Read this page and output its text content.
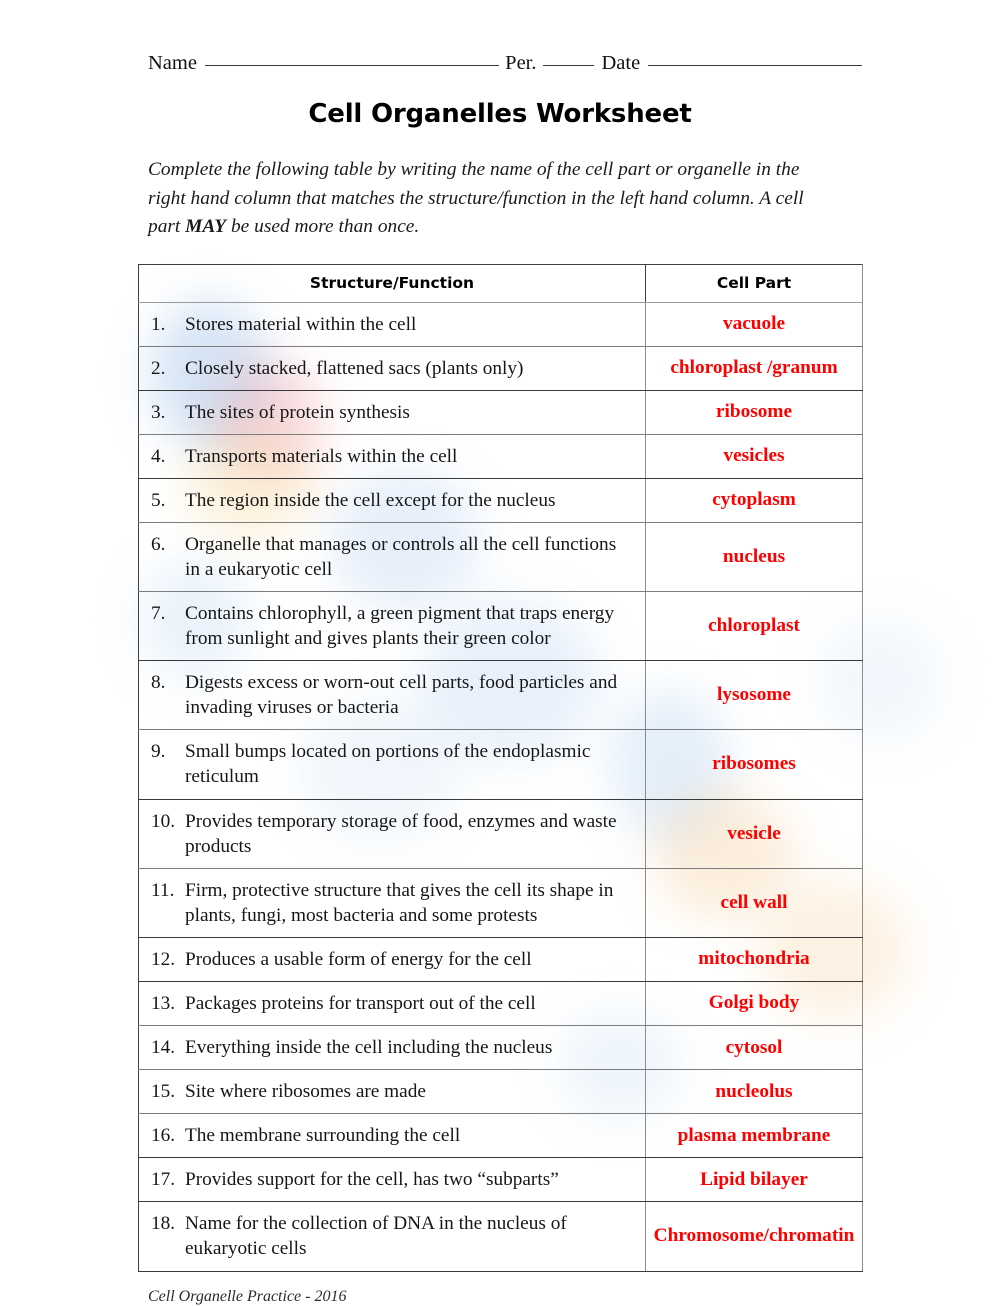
Name	Per.	Date
Cell Organelles Worksheet

Complete the following table by writing the name of the cell part or organelle in the right hand column that matches the structure/function in the left hand column. A cell part MAY be used more than once.

Structure/Function	Cell Part

1. Stores material within the cell	vacuole

2. Closely stacked, flattened sacs (plants only)	chloroplast /granum

3. The sites of protein synthesis	ribosome

4. Transports materials within the cell	vesicles

5. The region inside the cell except for the nucleus	cytoplasm

6. Organelle that manages or controls all the cell functions in a eukaryotic cell	nucleus

7. Contains chlorophyll, a green pigment that traps energy from sunlight and gives plants their green color	chloroplast

8. Digests excess or worn-out cell parts, food particles and invading viruses or bacteria	lysosome

9. Small bumps located on portions of the endoplasmic reticulum	ribosomes

10. Provides temporary storage of food, enzymes and waste products	vesicle

11. Firm, protective structure that gives the cell its shape in plants, fungi, most bacteria and some protests	cell wall

12. Produces a usable form of energy for the cell	mitochondria

13. Packages proteins for transport out of the cell	Golgi body

14. Everything inside the cell including the nucleus	cytosol

15. Site where ribosomes are made	nucleolus

16. The membrane surrounding the cell	plasma membrane

17. Provides support for the cell, has two “subparts”	Lipid bilayer

18. Name for the collection of DNA in the nucleus of eukaryotic cells	Chromosome/chromatin
Cell Organelle Practice - 2016
